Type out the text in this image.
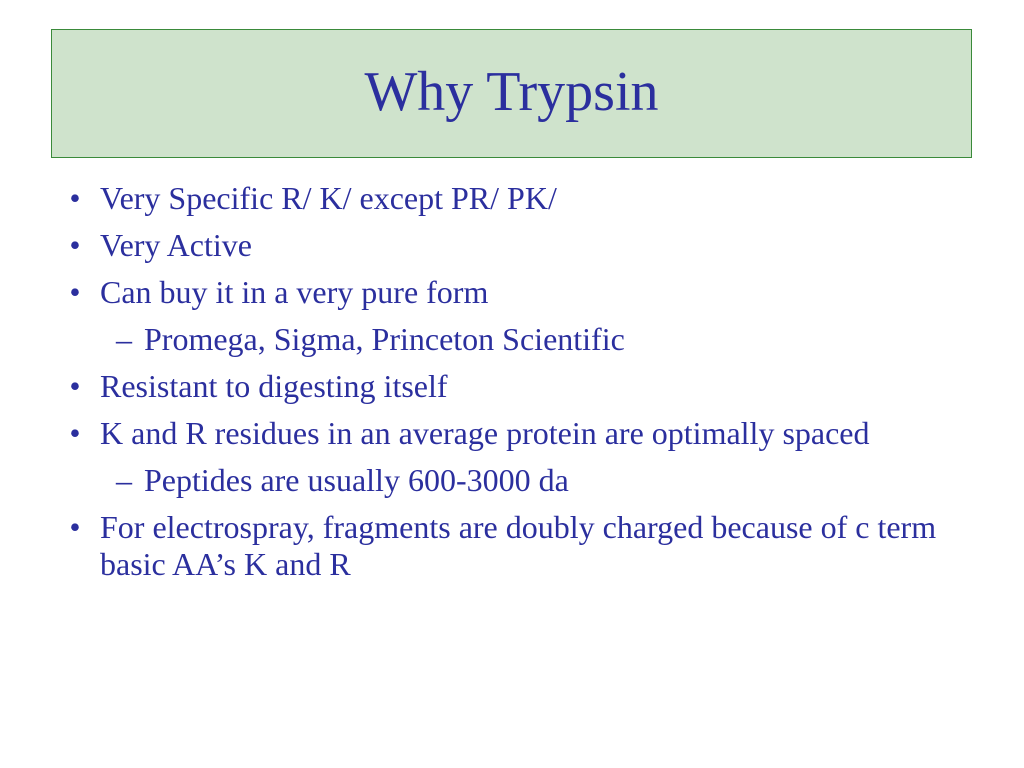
Why Trypsin
• Very Specific R/ K/ except PR/ PK/
• Very Active
• Can buy it in a very pure form
– Promega, Sigma, Princeton Scientific
• Resistant to digesting itself
• K and R residues in an average protein are optimally spaced
– Peptides are usually 600-3000 da
• For electrospray, fragments are doubly charged because of c term basic AA’s K and R
